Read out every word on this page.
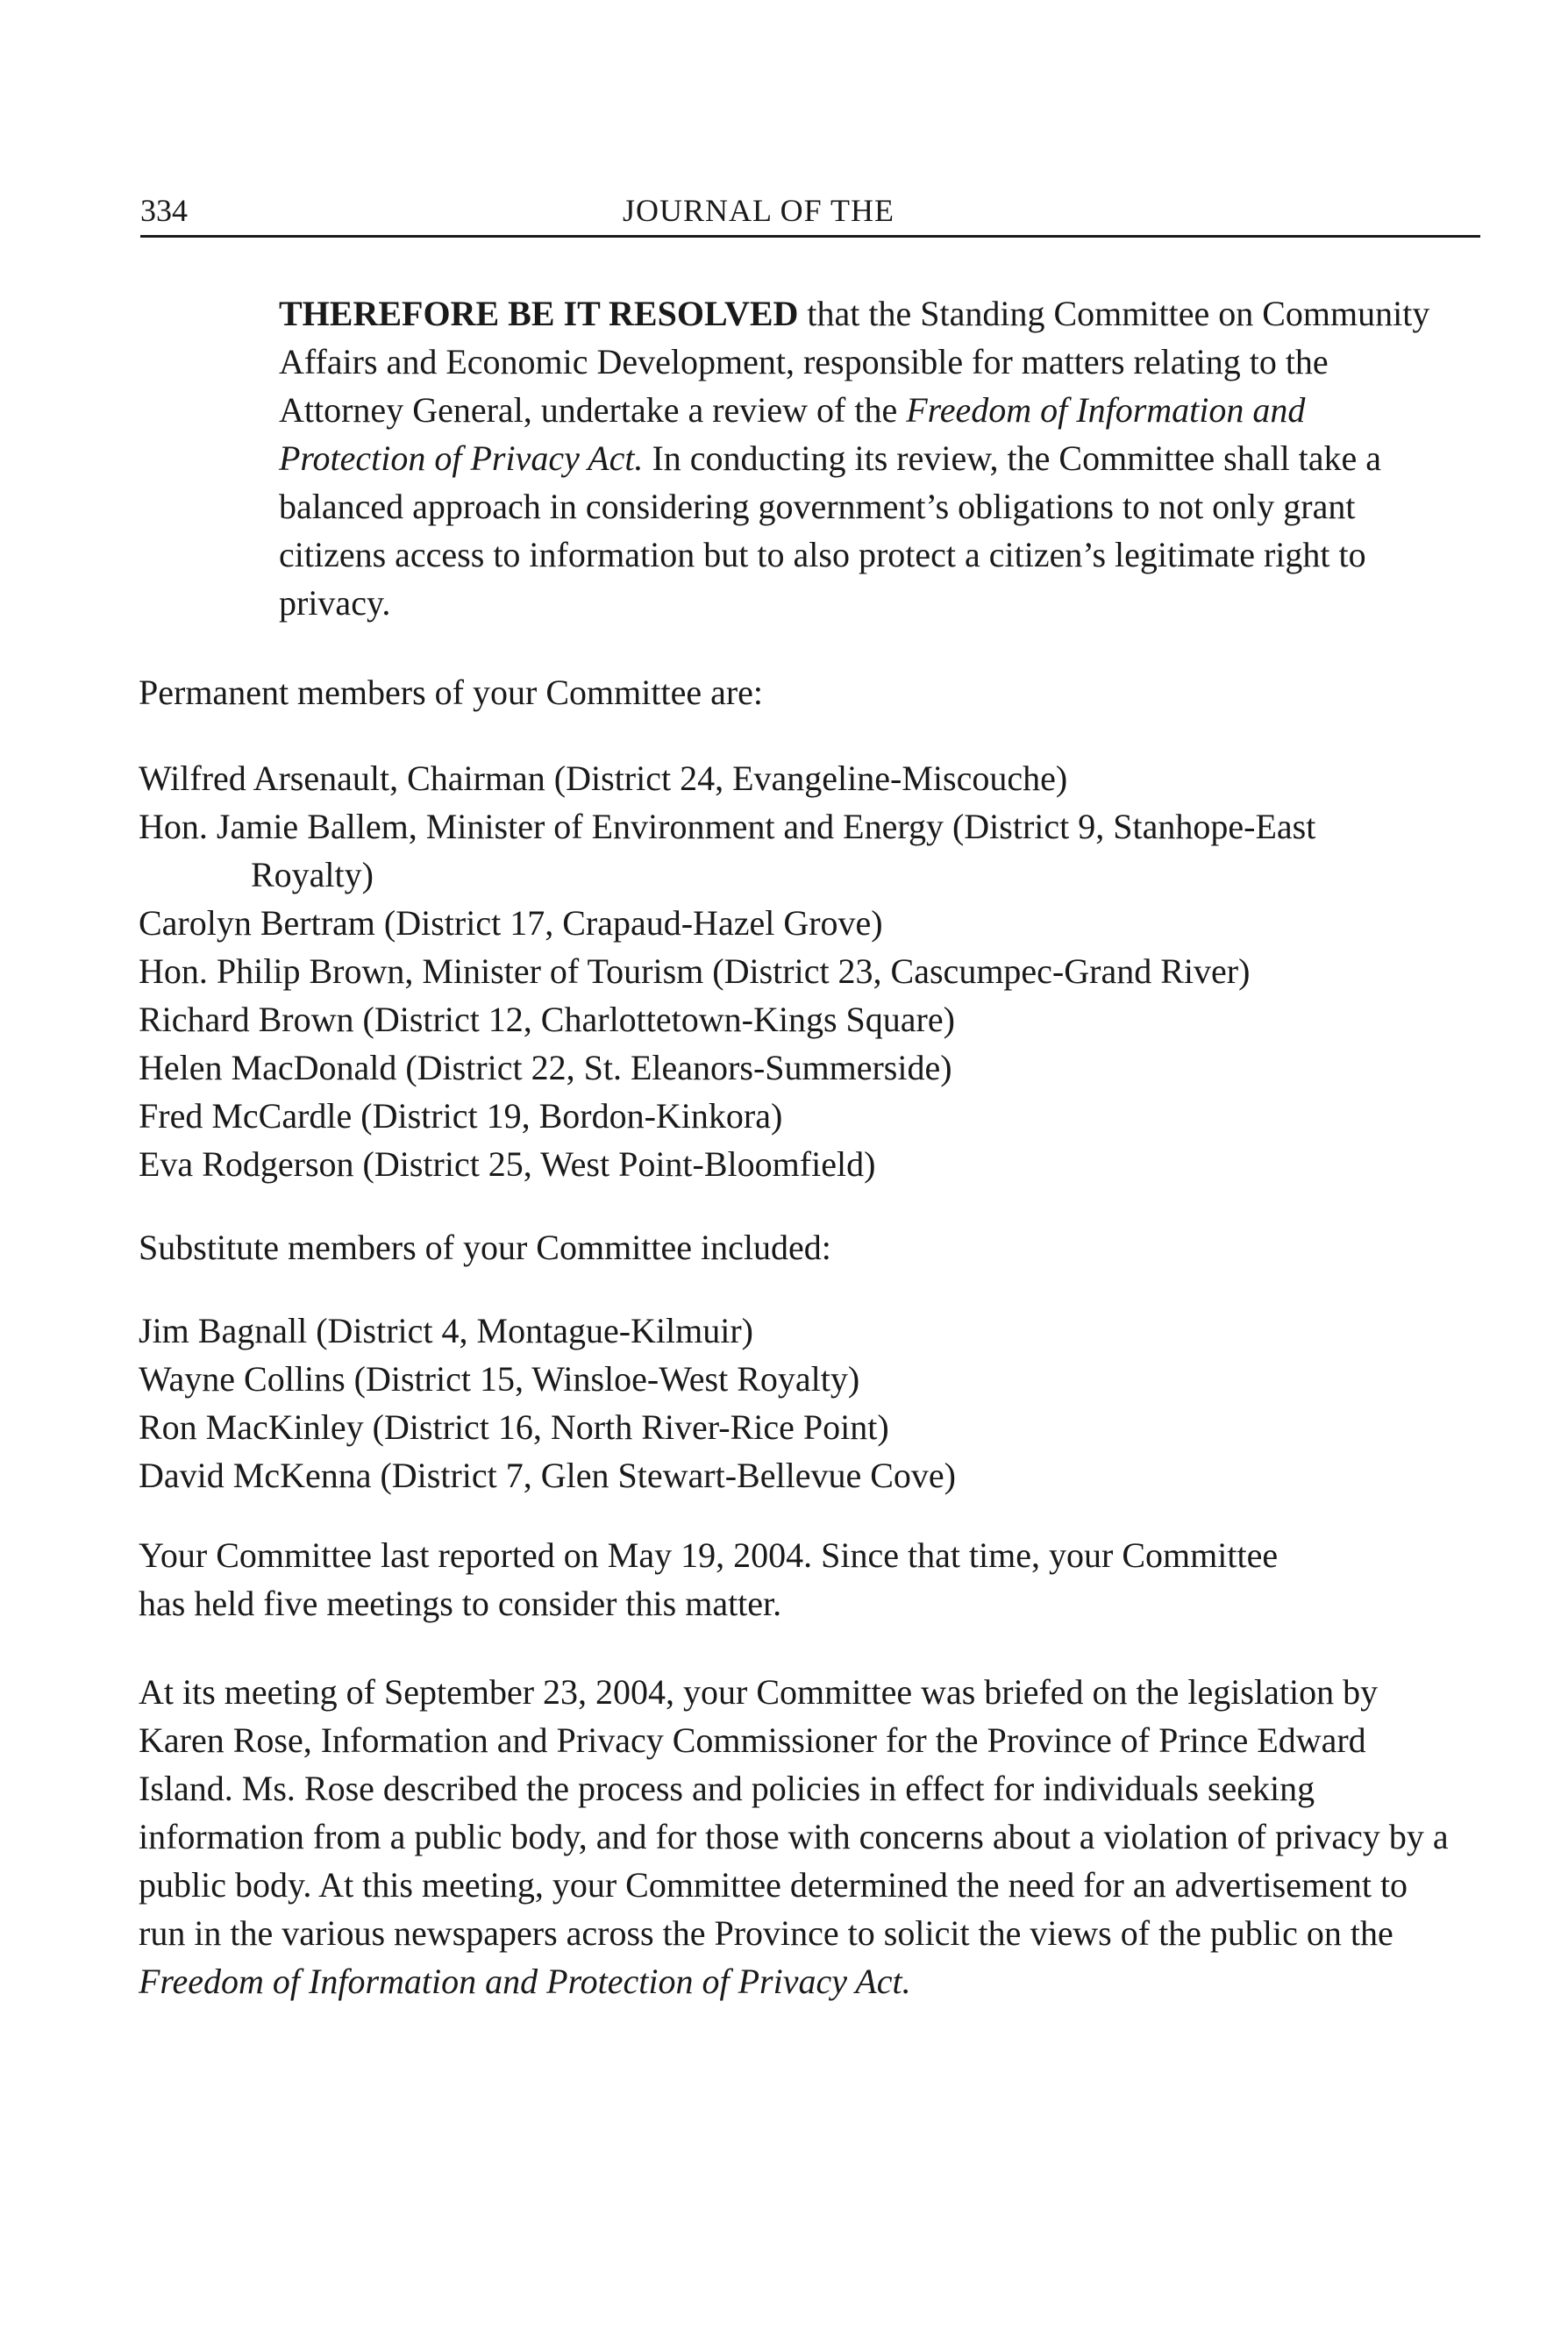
334	JOURNAL OF THE

THEREFORE BE IT RESOLVED that the Standing Committee on Community Affairs and Economic Development, responsible for matters relating to the Attorney General, undertake a review of the Freedom of Information and Protection of Privacy Act. In conducting its review, the Committee shall take a balanced approach in considering government’s obligations to not only grant citizens access to information but to also protect a citizen’s legitimate right to privacy.

Permanent members of your Committee are:
Wilfred Arsenault, Chairman (District 24, Evangeline-Miscouche)
Hon. Jamie Ballem, Minister of Environment and Energy (District 9, Stanhope-East Royalty)
Carolyn Bertram (District 17, Crapaud-Hazel Grove)
Hon. Philip Brown, Minister of Tourism (District 23, Cascumpec-Grand River)
Richard Brown (District 12, Charlottetown-Kings Square)
Helen MacDonald (District 22, St. Eleanors-Summerside)
Fred McCardle (District 19, Bordon-Kinkora)
Eva Rodgerson (District 25, West Point-Bloomfield)
Substitute members of your Committee included:
Jim Bagnall (District 4, Montague-Kilmuir)
Wayne Collins (District 15, Winsloe-West Royalty)
Ron MacKinley (District 16, North River-Rice Point)
David McKenna (District 7, Glen Stewart-Bellevue Cove)

Your Committee last reported on May 19, 2004. Since that time, your Committee has held five meetings to consider this matter.

At its meeting of September 23, 2004, your Committee was briefed on the legislation by Karen Rose, Information and Privacy Commissioner for the Province of Prince Edward Island. Ms. Rose described the process and policies in effect for individuals seeking information from a public body, and for those with concerns about a violation of privacy by a public body. At this meeting, your Committee determined the need for an advertisement to run in the various newspapers across the Province to solicit the views of the public on the Freedom of Information and Protection of Privacy Act.
